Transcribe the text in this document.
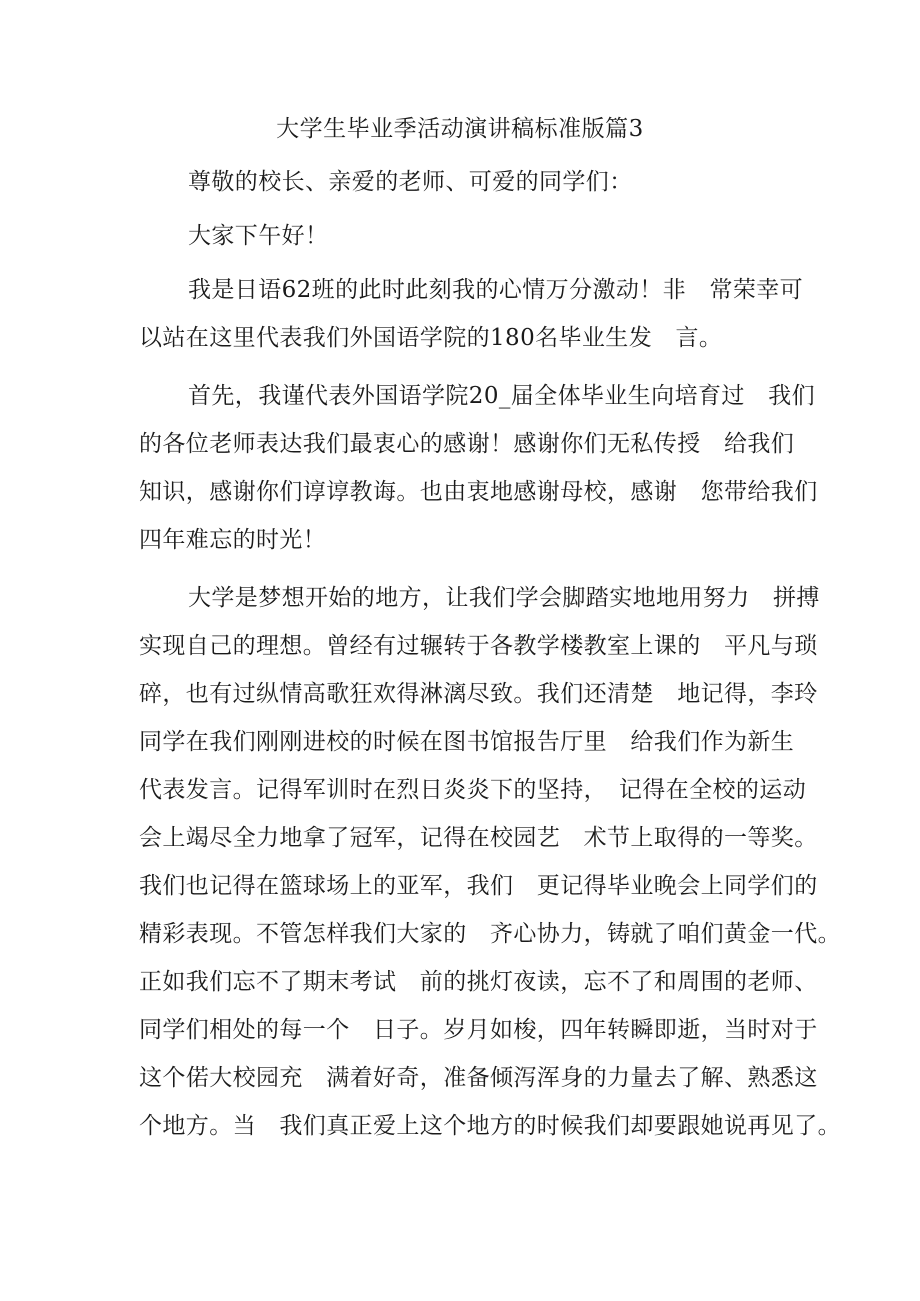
大学生毕业季活动演讲稿标准版篇3
尊敬的校长、亲爱的老师、可爱的同学们：
大家下午好！
我是日语62班的此时此刻我的心情万分激动！非　常荣幸可
以站在这里代表我们外国语学院的180名毕业生发　言。
首先，我谨代表外国语学院20_届全体毕业生向培育过　我们
的各位老师表达我们最衷心的感谢！感谢你们无私传授　给我们
知识，感谢你们谆谆教诲。也由衷地感谢母校，感谢　您带给我们
四年难忘的时光！
大学是梦想开始的地方，让我们学会脚踏实地地用努力　拼搏
实现自己的理想。曾经有过辗转于各教学楼教室上课的　平凡与琐
碎，也有过纵情高歌狂欢得淋漓尽致。我们还清楚　地记得，李玲
同学在我们刚刚进校的时候在图书馆报告厅里　给我们作为新生
代表发言。记得军训时在烈日炎炎下的坚持，　记得在全校的运动
会上竭尽全力地拿了冠军，记得在校园艺　术节上取得的一等奖。
我们也记得在篮球场上的亚军，我们　更记得毕业晚会上同学们的
精彩表现。不管怎样我们大家的　齐心协力，铸就了咱们黄金一代。
正如我们忘不了期末考试　前的挑灯夜读，忘不了和周围的老师、
同学们相处的每一个　日子。岁月如梭，四年转瞬即逝，当时对于
这个偌大校园充　满着好奇，准备倾泻浑身的力量去了解、熟悉这
个地方。当　我们真正爱上这个地方的时候我们却要跟她说再见了。
